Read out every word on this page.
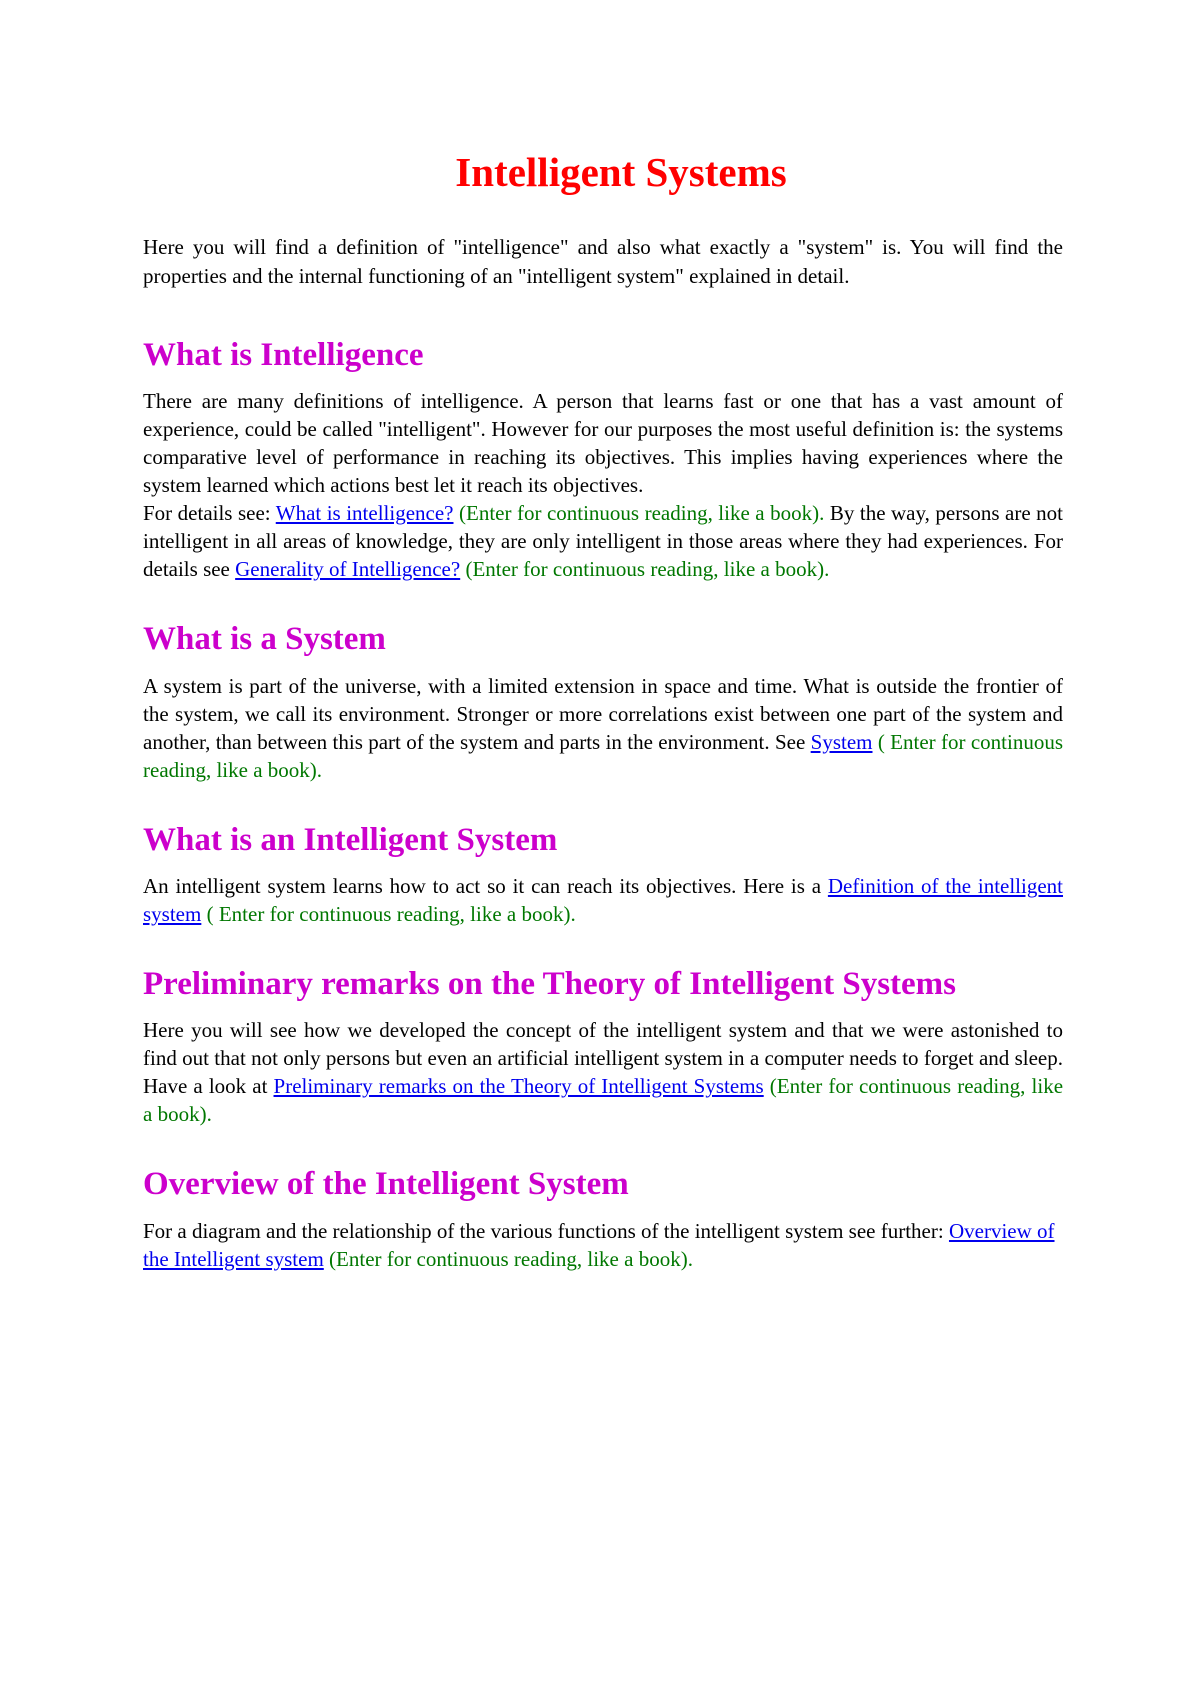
Intelligent Systems

Here you will find a definition of "intelligence" and also what exactly a "system" is. You will find the properties and the internal functioning of an "intelligent system" explained in detail.

What is Intelligence

There are many definitions of intelligence. A person that learns fast or one that has a vast amount of experience, could be called "intelligent". However for our purposes the most useful definition is: the systems comparative level of performance in reaching its objectives. This implies having experiences where the system learned which actions best let it reach its objectives.
For details see: What is intelligence? (Enter for continuous reading, like a book). By the way, persons are not intelligent in all areas of knowledge, they are only intelligent in those areas where they had experiences. For details see Generality of Intelligence? (Enter for continuous reading, like a book).

What is a System

A system is part of the universe, with a limited extension in space and time. What is outside the frontier of the system, we call its environment. Stronger or more correlations exist between one part of the system and another, than between this part of the system and parts in the environment. See System ( Enter for continuous reading, like a book).

What is an Intelligent System

An intelligent system learns how to act so it can reach its objectives. Here is a Definition of the intelligent system ( Enter for continuous reading, like a book).

Preliminary remarks on the Theory of Intelligent Systems

Here you will see how we developed the concept of the intelligent system and that we were astonished to find out that not only persons but even an artificial intelligent system in a computer needs to forget and sleep. Have a look at Preliminary remarks on the Theory of Intelligent Systems (Enter for continuous reading, like a book).

Overview of the Intelligent System

For a diagram and the relationship of the various functions of the intelligent system see further: Overview of the Intelligent system (Enter for continuous reading, like a book).
